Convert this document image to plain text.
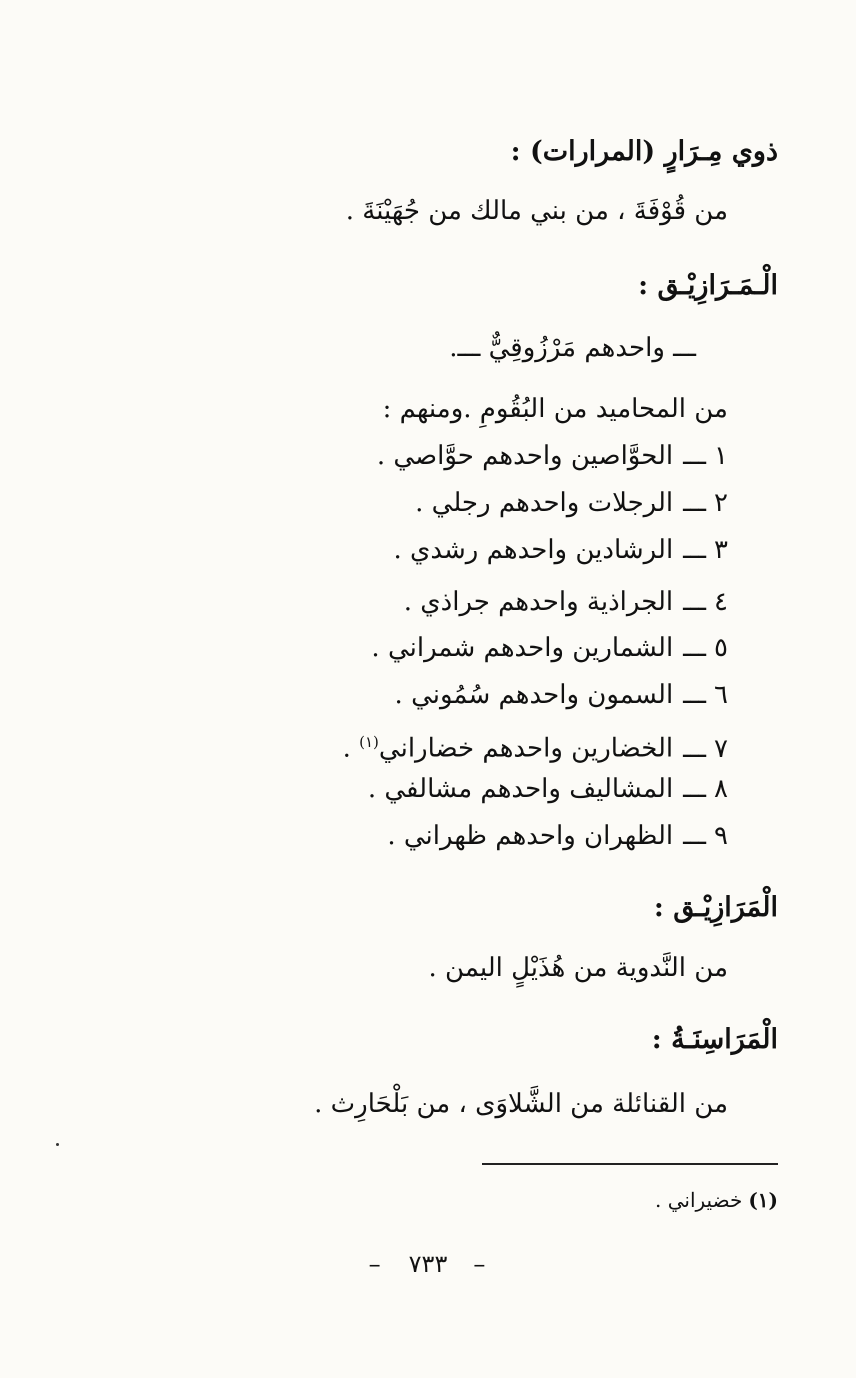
ذوي مِـرَارٍ (المرارات) :
من قُوْفَةَ ، من بني مالك من جُهَيْنَةَ .
الْـمَـرَازِيْـق :
ـــ واحدهم مَرْزُوقِيٌّ ـــ.
من المحاميد من البُقُومِ .ومنهم :
١ـــالحوَّاصين واحدهم حوَّاصي .
٢ـــالرجلات واحدهم رجلي .
٣ـــالرشادين واحدهم رشدي .
٤ـــالجراذية واحدهم جراذي .
٥ـــالشمارين واحدهم شمراني .
٦ـــالسمون واحدهم سُمُوني .
٧ـــالخضارين واحدهم خضاراني$^{(١)}$ .
٨ـــالمشاليف واحدهم مشالفي .
٩ـــالظهران واحدهم ظهراني .
الْمَرَازِيْـق :
من النَّدوية من هُذَيْلٍ اليمن .
الْمَرَاسِنَـةُ :
من القنائلة من الشَّلاوَى ، من بَلْحَارِث .
(١)خضيراني .
– ٧٣٣ –
